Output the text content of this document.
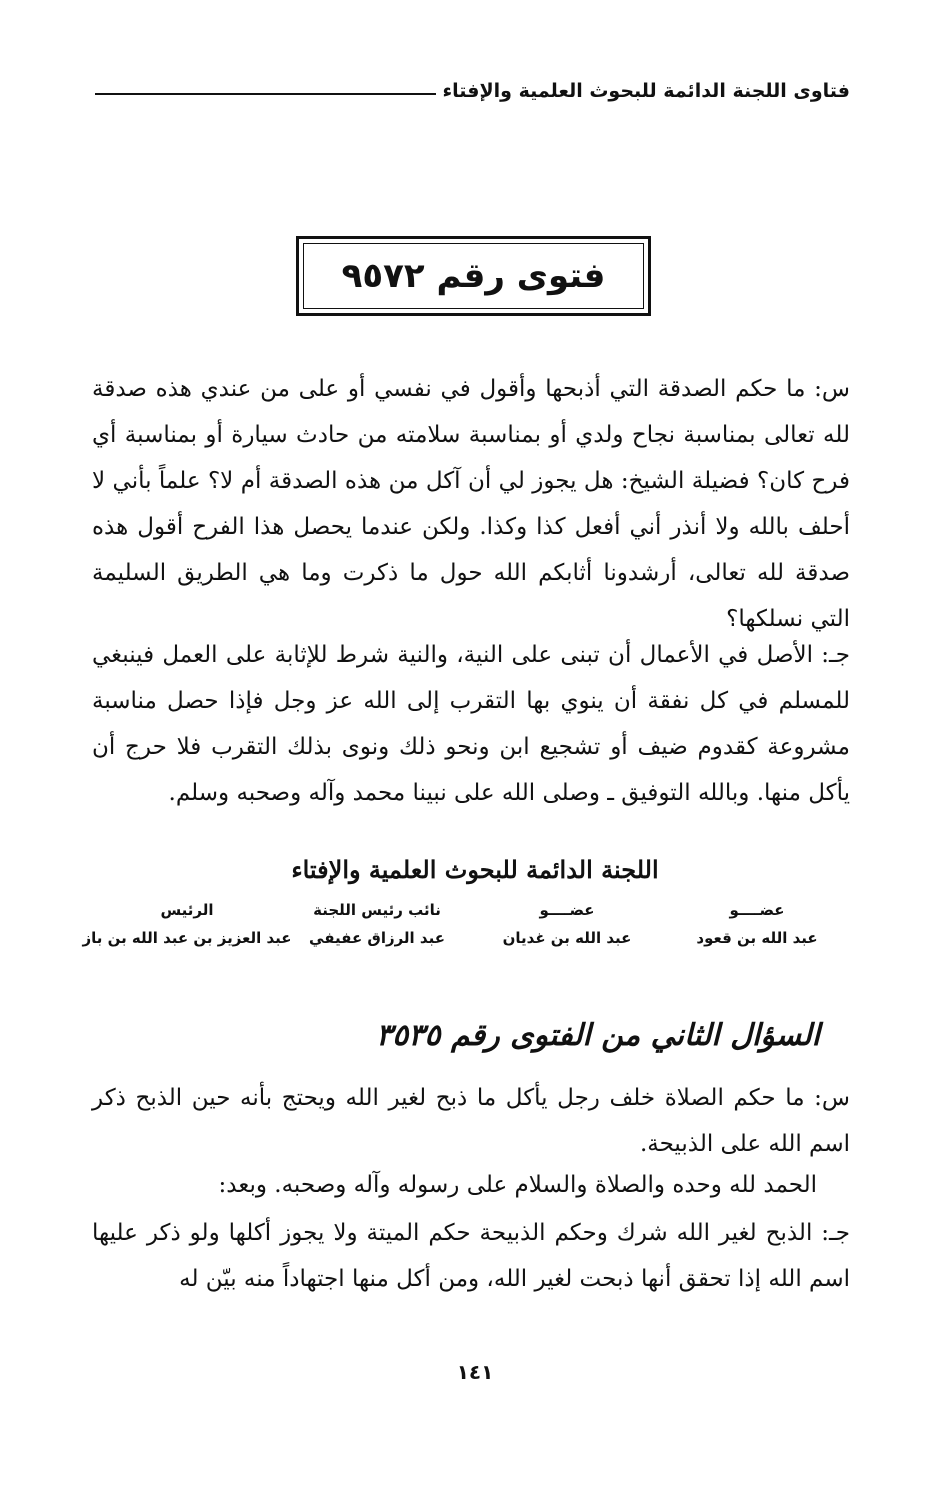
فتاوى اللجنة الدائمة للبحوث العلمية والإفتاء
فتوى رقم ٩٥٧٢

س: ما حكم الصدقة التي أذبحها وأقول في نفسي أو على من عندي هذه صدقة لله تعالى بمناسبة نجاح ولدي أو بمناسبة سلامته من حادث سيارة أو بمناسبة أي فرح كان؟ فضيلة الشيخ: هل يجوز لي أن آكل من هذه الصدقة أم لا؟ علماً بأني لا أحلف بالله ولا أنذر أني أفعل كذا وكذا. ولكن عندما يحصل هذا الفرح أقول هذه صدقة لله تعالى، أرشدونا أثابكم الله حول ما ذكرت وما هي الطريق السليمة التي نسلكها؟

جـ: الأصل في الأعمال أن تبنى على النية، والنية شرط للإثابة على العمل فينبغي للمسلم في كل نفقة أن ينوي بها التقرب إلى الله عز وجل فإذا حصل مناسبة مشروعة كقدوم ضيف أو تشجيع ابن ونحو ذلك ونوى بذلك التقرب فلا حرج أن يأكل منها. وبالله التوفيق ـ وصلى الله على نبينا محمد وآله وصحبه وسلم.

اللجنة الدائمة للبحوث العلمية والإفتاء
عضــــو
عبد الله بن قعود
عضــــو
عبد الله بن غديان
نائب رئيس اللجنة
عبد الرزاق عفيفي
الرئيس
عبد العزيز بن عبد الله بن باز
السؤال الثاني من الفتوى رقم ٣٥٣٥

س: ما حكم الصلاة خلف رجل يأكل ما ذبح لغير الله ويحتج بأنه حين الذبح ذكر اسم الله على الذبيحة.

الحمد لله وحده والصلاة والسلام على رسوله وآله وصحبه. وبعد:

جـ: الذبح لغير الله شرك وحكم الذبيحة حكم الميتة ولا يجوز أكلها ولو ذكر عليها اسم الله إذا تحقق أنها ذبحت لغير الله، ومن أكل منها اجتهاداً منه بيّن له

١٤١
